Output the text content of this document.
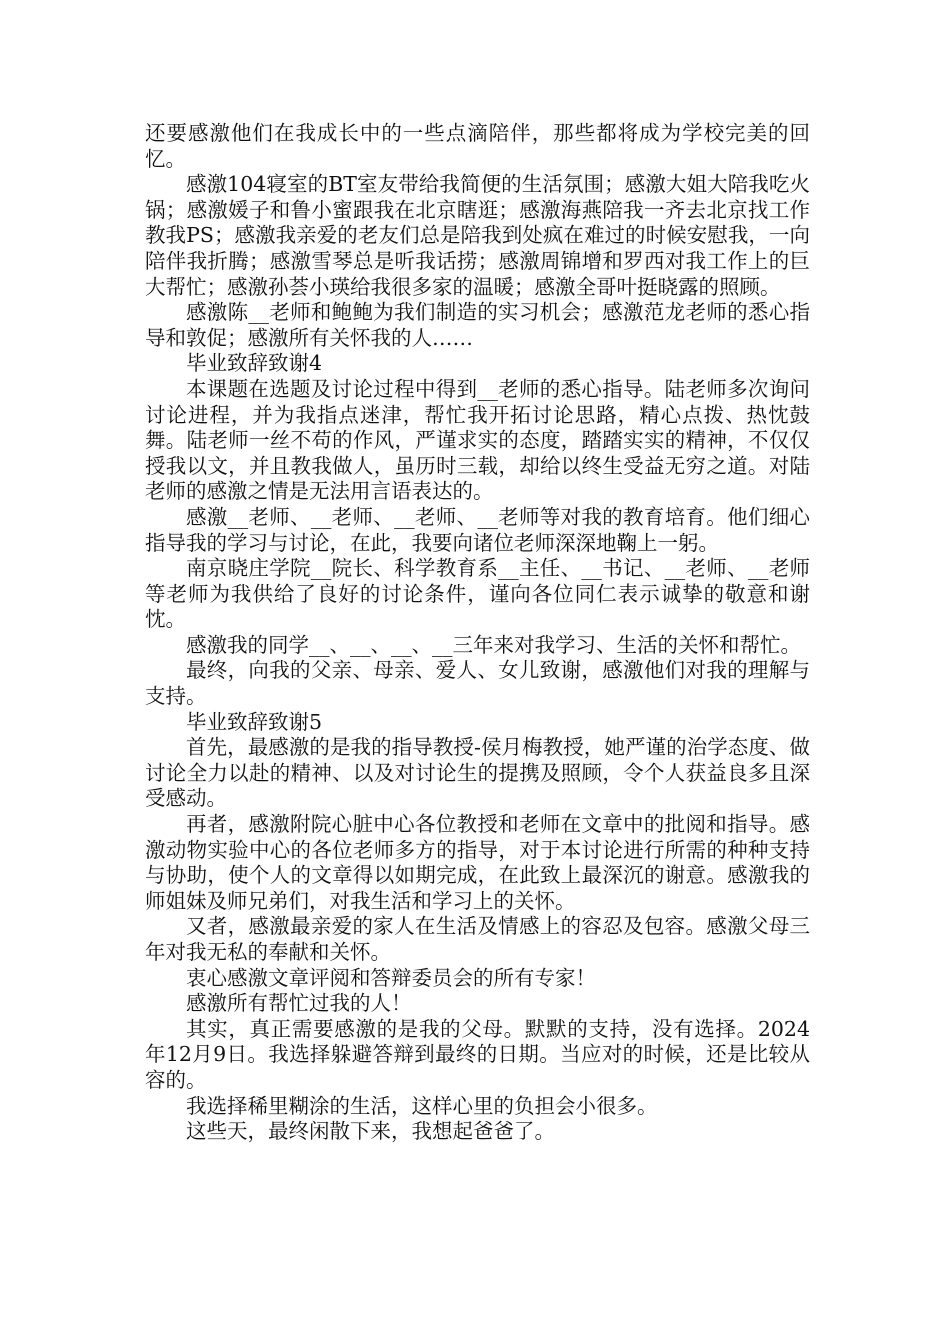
还要感激他们在我成长中的一些点滴陪伴，那些都将成为学校完美的回忆。

感激104寝室的BT室友带给我简便的生活氛围；感激大姐大陪我吃火锅；感激媛子和鲁小蜜跟我在北京瞎逛；感激海燕陪我一齐去北京找工作教我PS；感激我亲爱的老友们总是陪我到处疯在难过的时候安慰我，一向陪伴我折腾；感激雪琴总是听我话捞；感激周锦增和罗西对我工作上的巨大帮忙；感激孙荟小瑛给我很多家的温暖；感激全哥叶挺晓露的照顾。

感激陈__老师和鲍鲍为我们制造的实习机会；感激范龙老师的悉心指导和敦促；感激所有关怀我的人……

毕业致辞致谢4

本课题在选题及讨论过程中得到__老师的悉心指导。陆老师多次询问讨论进程，并为我指点迷津，帮忙我开拓讨论思路，精心点拨、热忱鼓舞。陆老师一丝不苟的作风，严谨求实的态度，踏踏实实的精神，不仅仅授我以文，并且教我做人，虽历时三载，却给以终生受益无穷之道。对陆老师的感激之情是无法用言语表达的。

感激__老师、__老师、__老师、__老师等对我的教育培育。他们细心指导我的学习与讨论，在此，我要向诸位老师深深地鞠上一躬。

南京晓庄学院__院长、科学教育系__主任、__书记、__老师、__老师等老师为我供给了良好的讨论条件，谨向各位同仁表示诚挚的敬意和谢忱。

感激我的同学__、__、__、__三年来对我学习、生活的关怀和帮忙。

最终，向我的父亲、母亲、爱人、女儿致谢，感激他们对我的理解与支持。

毕业致辞致谢5

首先，最感激的是我的指导教授-侯月梅教授，她严谨的治学态度、做讨论全力以赴的精神、以及对讨论生的提携及照顾，令个人获益良多且深受感动。

再者，感激附院心脏中心各位教授和老师在文章中的批阅和指导。感激动物实验中心的各位老师多方的指导，对于本讨论进行所需的种种支持与协助，使个人的文章得以如期完成，在此致上最深沉的谢意。感激我的师姐妹及师兄弟们，对我生活和学习上的关怀。

又者，感激最亲爱的家人在生活及情感上的容忍及包容。感激父母三年对我无私的奉献和关怀。

衷心感激文章评阅和答辩委员会的所有专家！

感激所有帮忙过我的人！

其实，真正需要感激的是我的父母。默默的支持，没有选择。2024年12月9日。我选择躲避答辩到最终的日期。当应对的时候，还是比较从容的。

我选择稀里糊涂的生活，这样心里的负担会小很多。

这些天，最终闲散下来，我想起爸爸了。
